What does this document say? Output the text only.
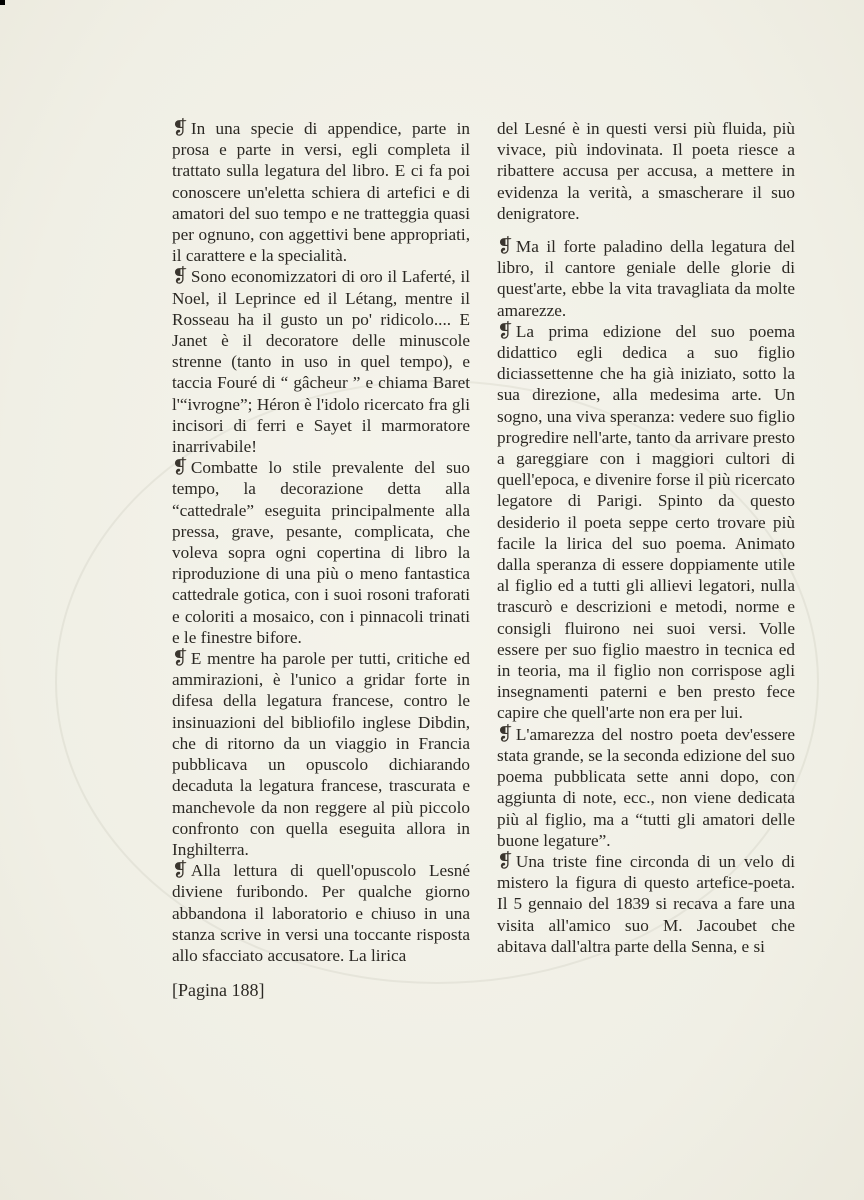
❡ In una specie di appendice, parte in prosa e parte in versi, egli completa il trattato sulla legatura del libro. E ci fa poi conoscere un'eletta schiera di artefici e di amatori del suo tempo e ne tratteggia quasi per ognuno, con aggettivi bene appropriati, il carattere e la specialità.

❡ Sono economizzatori di oro il Laferté, il Noel, il Leprince ed il Létang, mentre il Rosseau ha il gusto un po' ridicolo.... E Janet è il decoratore delle minuscole strenne (tanto in uso in quel tempo), e taccia Fouré di “ gâcheur ” e chiama Baret l'“ivrogne”; Héron è l'idolo ricercato fra gli incisori di ferri e Sayet il marmoratore inarrivabile!

❡ Combatte lo stile prevalente del suo tempo, la decorazione detta alla “cattedrale” eseguita principalmente alla pressa, grave, pesante, complicata, che voleva sopra ogni copertina di libro la riproduzione di una più o meno fantastica cattedrale gotica, con i suoi rosoni traforati e coloriti a mosaico, con i pinnacoli trinati e le finestre bifore.

❡ E mentre ha parole per tutti, critiche ed ammirazioni, è l'unico a gridar forte in difesa della legatura francese, contro le insinuazioni del bibliofilo inglese Dibdin, che di ritorno da un viaggio in Francia pubblicava un opuscolo dichiarando decaduta la legatura francese, trascurata e manchevole da non reggere al più piccolo confronto con quella eseguita allora in Inghilterra.

❡ Alla lettura di quell'opuscolo Lesné diviene furibondo. Per qualche giorno abbandona il laboratorio e chiuso in una stanza scrive in versi una toccante risposta allo sfacciato accusatore. La lirica

del Lesné è in questi versi più fluida, più vivace, più indovinata. Il poeta riesce a ribattere accusa per accusa, a mettere in evidenza la verità, a smascherare il suo denigratore.

❡ Ma il forte paladino della legatura del libro, il cantore geniale delle glorie di quest'arte, ebbe la vita travagliata da molte amarezze.

❡ La prima edizione del suo poema didattico egli dedica a suo figlio diciassettenne che ha già iniziato, sotto la sua direzione, alla medesima arte. Un sogno, una viva speranza: vedere suo figlio progredire nell'arte, tanto da arrivare presto a gareggiare con i maggiori cultori di quell'epoca, e divenire forse il più ricercato legatore di Parigi. Spinto da questo desiderio il poeta seppe certo trovare più facile la lirica del suo poema. Animato dalla speranza di essere doppiamente utile al figlio ed a tutti gli allievi legatori, nulla trascurò e descrizioni e metodi, norme e consigli fluirono nei suoi versi. Volle essere per suo figlio maestro in tecnica ed in teoria, ma il figlio non corrispose agli insegnamenti paterni e ben presto fece capire che quell'arte non era per lui.

❡ L'amarezza del nostro poeta dev'essere stata grande, se la seconda edizione del suo poema pubblicata sette anni dopo, con aggiunta di note, ecc., non viene dedicata più al figlio, ma a “tutti gli amatori delle buone legature”.

❡ Una triste fine circonda di un velo di mistero la figura di questo artefice-poeta. Il 5 gennaio del 1839 si recava a fare una visita all'amico suo M. Jacoubet che abitava dall'altra parte della Senna, e si

[Pagina 188]
